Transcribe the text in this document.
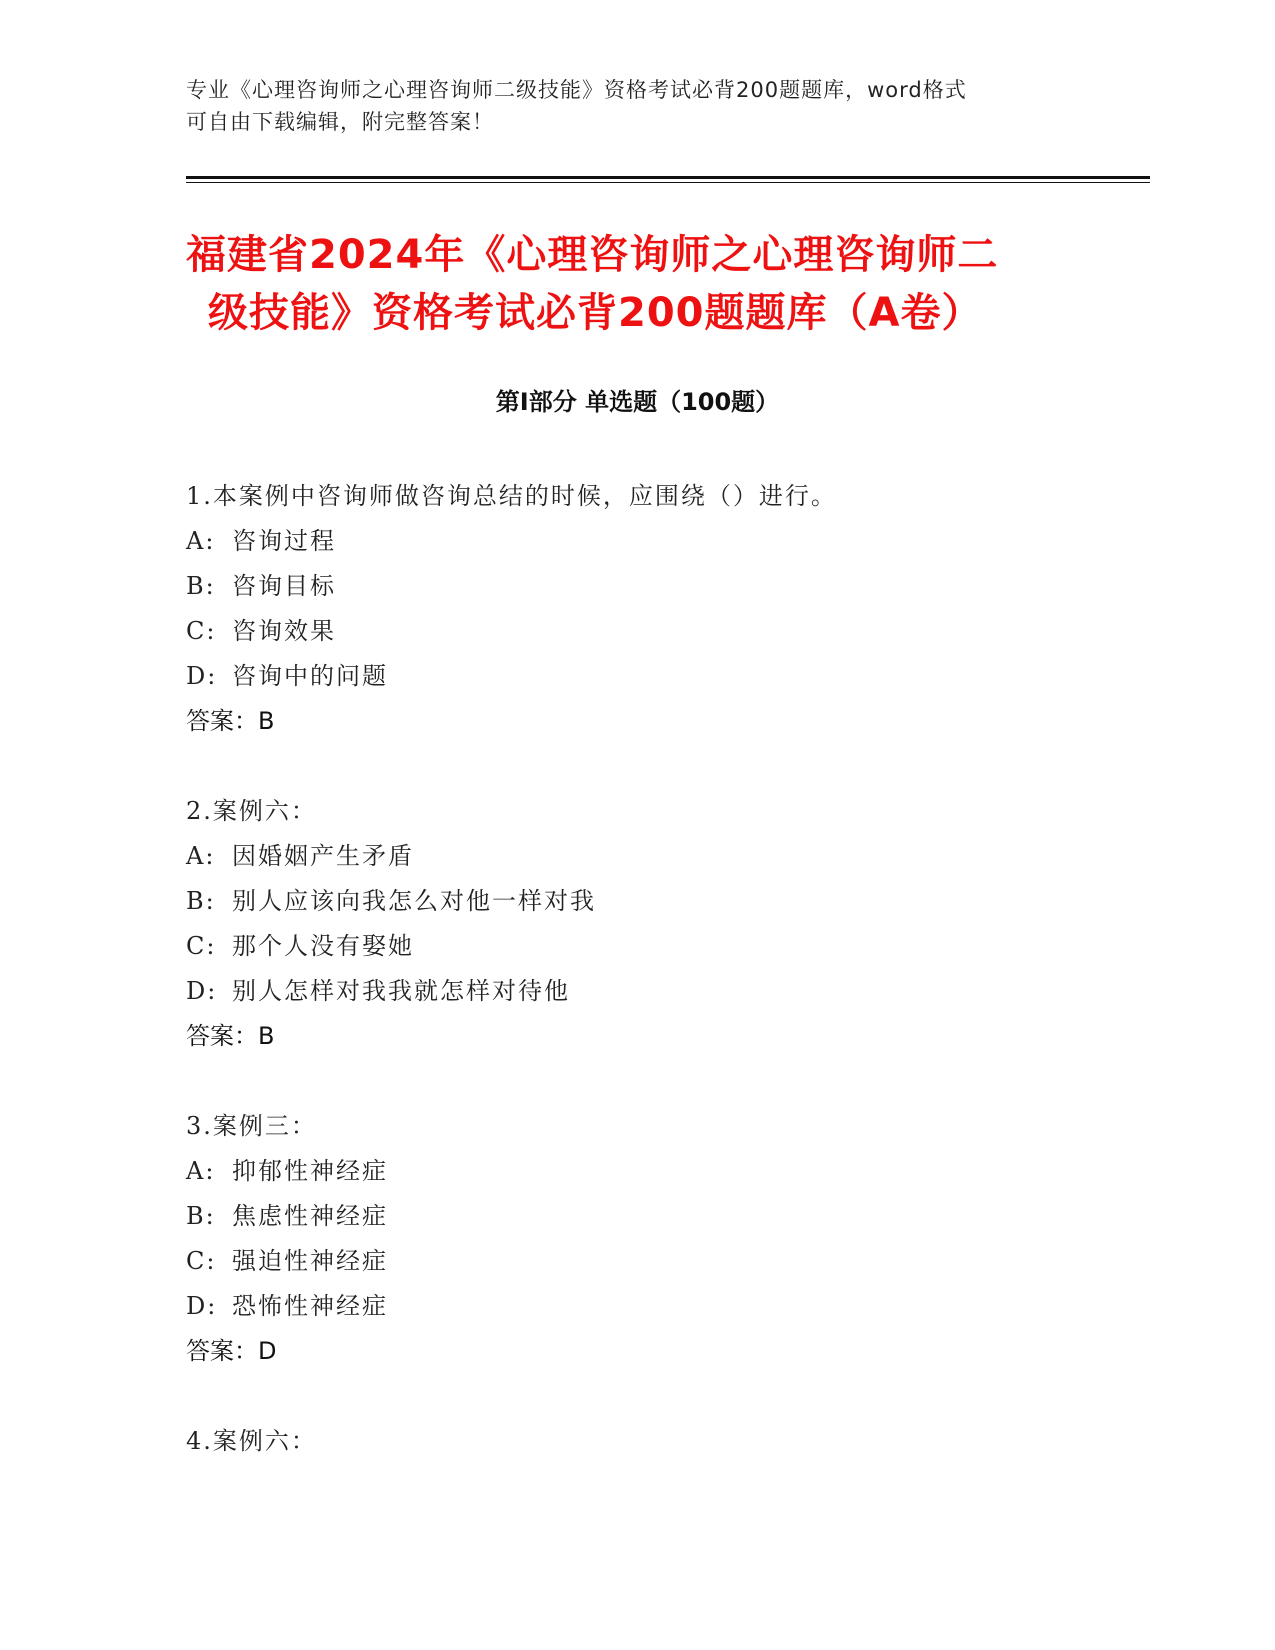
专业《心理咨询师之心理咨询师二级技能》资格考试必背200题题库，word格式
可自由下载编辑，附完整答案！
福建省2024年《心理咨询师之心理咨询师二
级技能》资格考试必背200题题库（A卷）
第Ⅰ部分 单选题（100题）
1.本案例中咨询师做咨询总结的时候，应围绕（）进行。
A: 咨询过程
B: 咨询目标
C: 咨询效果
D: 咨询中的问题
答案：B
2.案例六：
A: 因婚姻产生矛盾
B: 别人应该向我怎么对他一样对我
C: 那个人没有娶她
D: 别人怎样对我我就怎样对待他
答案：B
3.案例三：
A: 抑郁性神经症
B: 焦虑性神经症
C: 强迫性神经症
D: 恐怖性神经症
答案：D
4.案例六：
